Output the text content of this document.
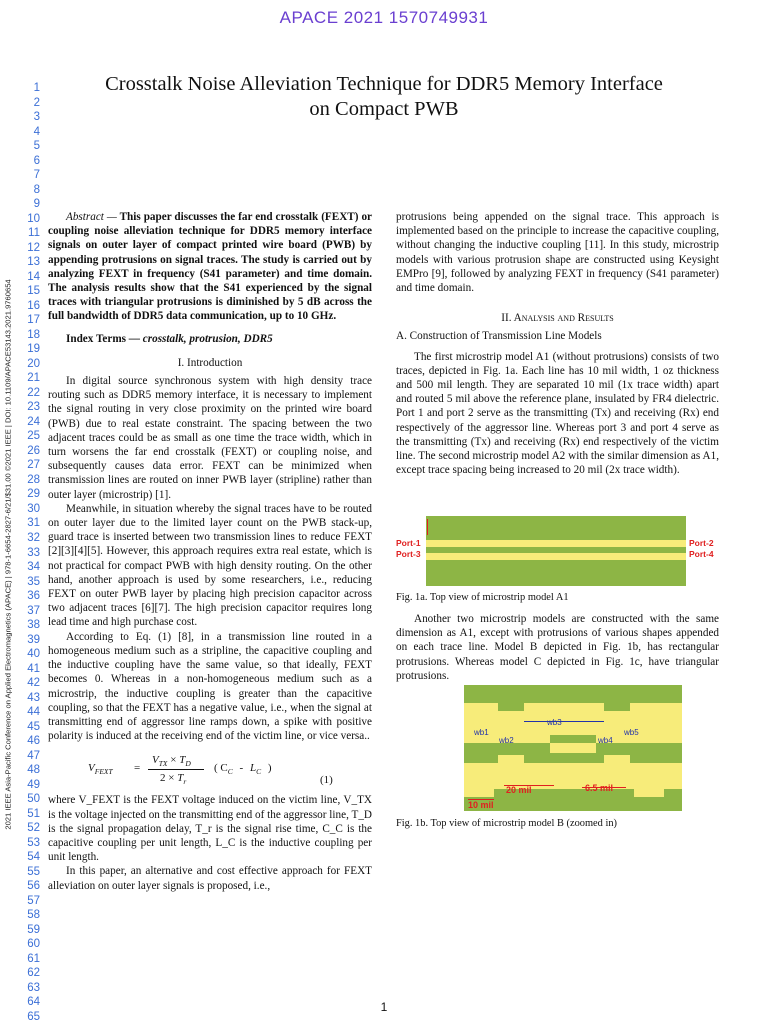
APACE 2021 1570749931
Crosstalk Noise Alleviation Technique for DDR5 Memory Interface
on Compact PWB
1
2
3
4
5
6
7
8
9
10
11
12
13
14
15
16
17
18
19
20
21
22
23
24
25
26
27
28
29
30
31
32
33
34
35
36
37
38
39
40
41
42
43
44
45
46
47
48
49
50
51
52
53
54
55
56
57
58
59
60
61
62
63
64
65
2021 IEEE Asia-Pacific Conference on Applied Electromagnetics (APACE) | 978-1-6654-2827-6/21/$31.00 ©2021 IEEE | DOI: 10.1109/APACE53143.2021.9760654

Abstract — This paper discusses the far end crosstalk (FEXT) or coupling noise alleviation technique for DDR5 memory interface signals on outer layer of compact printed wire board (PWB) by appending protrusions on signal traces. The study is carried out by analyzing FEXT in frequency (S41 parameter) and time domain. The analysis results show that the S41 experienced by the signal traces with triangular protrusions is diminished by 5 dB across the full bandwidth of DDR5 data communication, up to 10 GHz.

Index Terms — crosstalk, protrusion, DDR5

I. Introduction

In digital source synchronous system with high density trace routing such as DDR5 memory interface, it is necessary to implement the signal routing in very close proximity on the printed wire board (PWB) due to real estate constraint. The spacing between the two adjacent traces could be as small as one time the trace width, which in turn worsens the far end crosstalk (FEXT) or coupling noise, and subsequently causes data error. FEXT can be minimized when transmission lines are routed on inner PWB layer (stripline) rather than outer layer (microstrip) [1].

Meanwhile, in situation whereby the signal traces have to be routed on outer layer due to the limited layer count on the PWB stack-up, guard trace is inserted between two transmission lines to reduce FEXT [2][3][4][5]. However, this approach requires extra real estate, which is not practical for compact PWB with high density routing. On the other hand, another approach is used by some researchers, i.e., reducing FEXT on outer PWB layer by placing high precision capacitor across two adjacent traces [6][7]. The high precision capacitor requires long lead time and high purchase cost.

According to Eq. (1) [8], in a transmission line routed in a homogeneous medium such as a stripline, the capacitive coupling and the inductive coupling have the same value, so that ideally, FEXT becomes 0. Whereas in a non-homogeneous medium such as a microstrip, the inductive coupling is greater than the capacitive coupling, so that the FEXT has a negative value, i.e., when the signal at transmitting end of aggressor line ramps down, a spike with positive polarity is induced at the receiving end of the victim line, or vice versa..

$V_{FEXT}$ =
$V_{TX} \times T_D$
$2 \times T_r$
( $C_C - L_C$ )
(1)

where V_FEXT is the FEXT voltage induced on the victim line, V_TX is the voltage injected on the transmitting end of the aggressor line, T_D is the signal propagation delay, T_r is the signal rise time, C_C is the capacitive coupling per unit length, L_C is the inductive coupling per unit length.

In this paper, an alternative and cost effective approach for FEXT alleviation on outer layer signals is proposed, i.e.,

protrusions being appended on the signal trace. This approach is implemented based on the principle to increase the capacitive coupling, without changing the inductive coupling [11]. In this study, microstrip models with various protrusion shape are constructed using Keysight EMPro [9], followed by analyzing FEXT in frequency (S41 parameter) and time domain.

II. Analysis and Results
A. Construction of Transmission Line Models

The first microstrip model A1 (without protrusions) consists of two traces, depicted in Fig. 1a. Each line has 10 mil width, 1 oz thickness and 500 mil length. They are separated 10 mil (1x trace width) apart and routed 5 mil above the reference plane, insulated by FR4 dielectric. Port 1 and port 2 serve as the transmitting (Tx) and receiving (Rx) end respectively of the aggressor line. Whereas port 3 and port 4 serve as the transmitting (Tx) and receiving (Rx) end respectively of the victim line. The second microstrip model A2 with the similar dimension as A1, except trace spacing being increased to 20 mil (2x trace width).

Port-1
Port-3
Port-2
Port-4
Fig. 1a. Top view of microstrip model A1

Another two microstrip models are constructed with the same dimension as A1, except with protrusions of various shapes appended on each trace line. Model B depicted in Fig. 1b, has rectangular protrusions. Whereas model C depicted in Fig. 1c, have triangular protrusions.

wb1
wb2
wb3
wb4
wb5
20 mil	6.5 mil
10 mil
Fig. 1b. Top view of microstrip model B (zoomed in)
1
